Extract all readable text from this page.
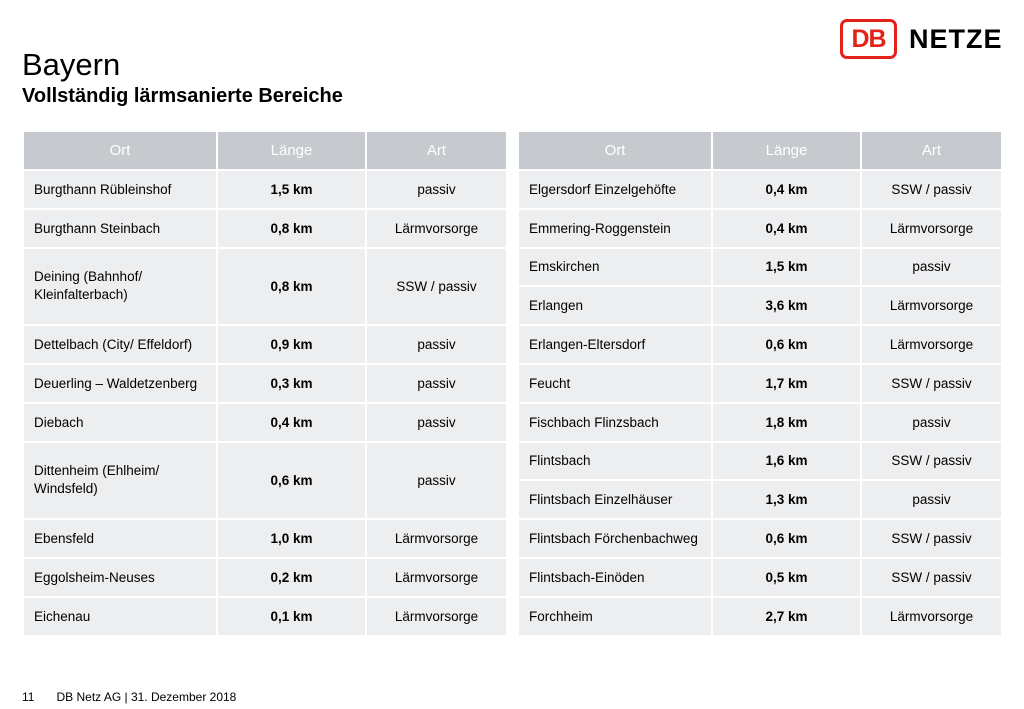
Bayern
Vollständig lärmsanierte Bereiche
DB NETZE
Ort	Länge	Art
Burgthann Rübleinshof	1,5 km	passiv
Burgthann Steinbach	0,8 km	Lärmvorsorge
Deining (Bahnhof/ Kleinfalterbach)	0,8 km	SSW / passiv
Dettelbach (City/ Effeldorf)	0,9 km	passiv
Deuerling – Waldetzenberg	0,3 km	passiv
Diebach	0,4 km	passiv
Dittenheim (Ehlheim/ Windsfeld)	0,6 km	passiv
Ebensfeld	1,0 km	Lärmvorsorge
Eggolsheim-Neuses	0,2 km	Lärmvorsorge
Eichenau	0,1 km	Lärmvorsorge
Ort	Länge	Art
Elgersdorf Einzelgehöfte	0,4 km	SSW / passiv
Emmering-Roggenstein	0,4 km	Lärmvorsorge
Emskirchen	1,5 km	passiv
Erlangen	3,6 km	Lärmvorsorge
Erlangen-Eltersdorf	0,6 km	Lärmvorsorge
Feucht	1,7 km	SSW / passiv
Fischbach Flinzsbach	1,8 km	passiv
Flintsbach	1,6 km	SSW / passiv
Flintsbach Einzelhäuser	1,3 km	passiv
Flintsbach Förchenbachweg	0,6 km	SSW / passiv
Flintsbach-Einöden	0,5 km	SSW / passiv
Forchheim	2,7 km	Lärmvorsorge
11 DB Netz AG | 31. Dezember 2018
